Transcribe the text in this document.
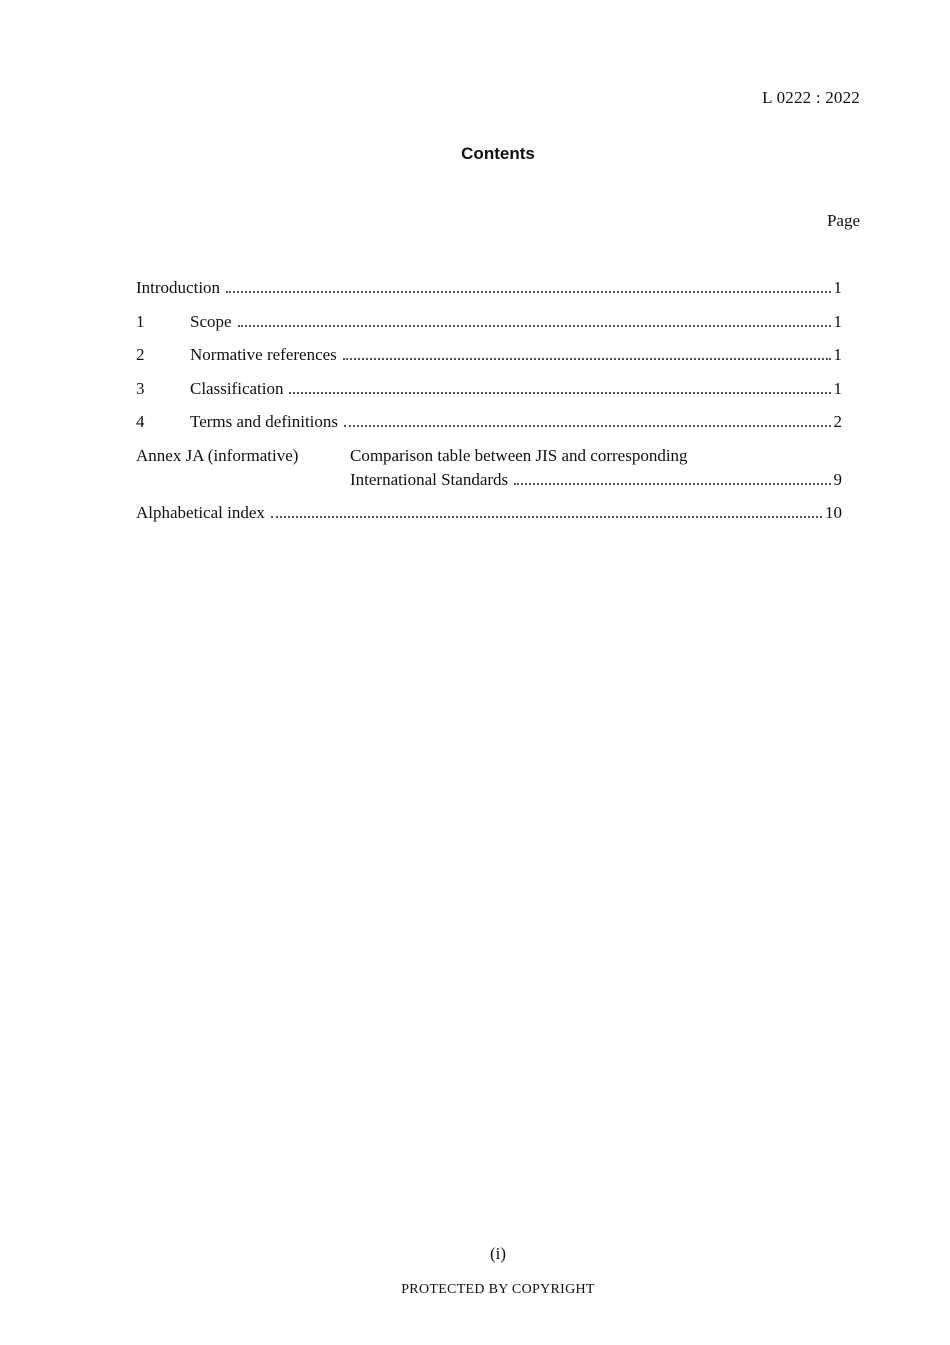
L 0222 : 2022
Contents
Page
Introduction	1
1	Scope	1
2	Normative references	1
3	Classification	1
4	Terms and definitions	2
Annex JA (informative)	Comparison table between JIS and corresponding
International Standards	9
Alphabetical index	10
(i)
PROTECTED BY COPYRIGHT
